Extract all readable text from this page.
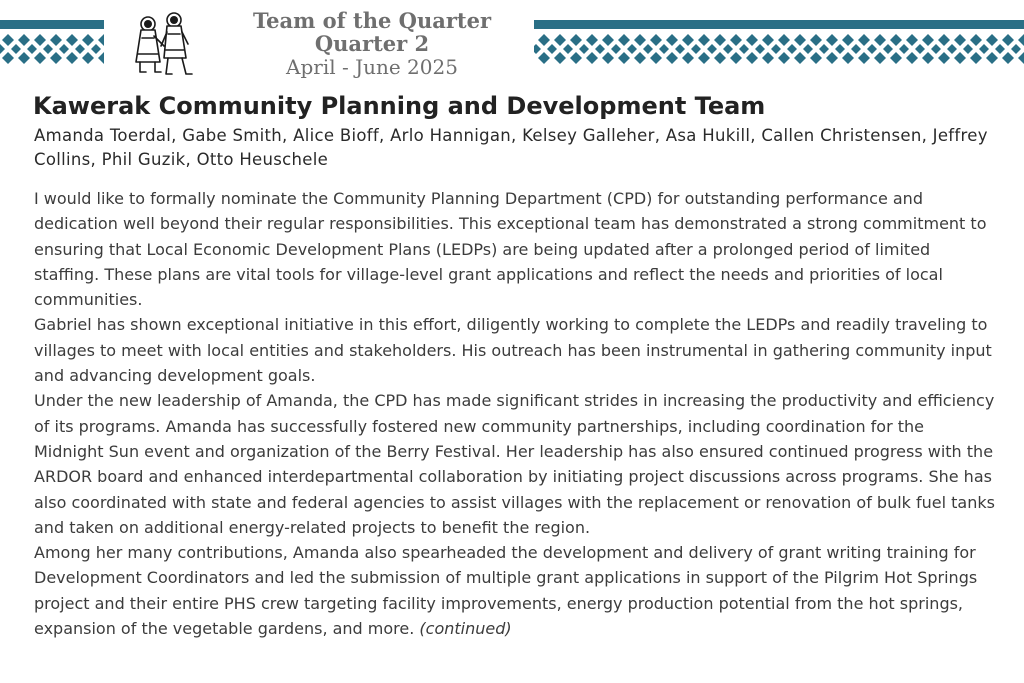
Team of the Quarter
Quarter 2
April - June 2025
Kawerak Community Planning and Development Team

Amanda Toerdal, Gabe Smith, Alice Bioff, Arlo Hannigan, Kelsey Galleher, Asa Hukill, Callen Christensen, Jeffrey Collins, Phil Guzik, Otto Heuschele

I would like to formally nominate the Community Planning Department (CPD) for outstanding performance and dedication well beyond their regular responsibilities. This exceptional team has demonstrated a strong commitment to ensuring that Local Economic Development Plans (LEDPs) are being updated after a prolonged period of limited staffing. These plans are vital tools for village-level grant applications and reflect the needs and priorities of local communities.

Gabriel has shown exceptional initiative in this effort, diligently working to complete the LEDPs and readily traveling to villages to meet with local entities and stakeholders. His outreach has been instrumental in gathering community input and advancing development goals.

Under the new leadership of Amanda, the CPD has made significant strides in increasing the productivity and efficiency of its programs. Amanda has successfully fostered new community partnerships, including coordination for the Midnight Sun event and organization of the Berry Festival. Her leadership has also ensured continued progress with the ARDOR board and enhanced interdepartmental collaboration by initiating project discussions across programs. She has also coordinated with state and federal agencies to assist villages with the replacement or renovation of bulk fuel tanks and taken on additional energy-related projects to benefit the region.

Among her many contributions, Amanda also spearheaded the development and delivery of grant writing training for Development Coordinators and led the submission of multiple grant applications in support of the Pilgrim Hot Springs project and their entire PHS crew targeting facility improvements, energy production potential from the hot springs, expansion of the vegetable gardens, and more. (continued)
